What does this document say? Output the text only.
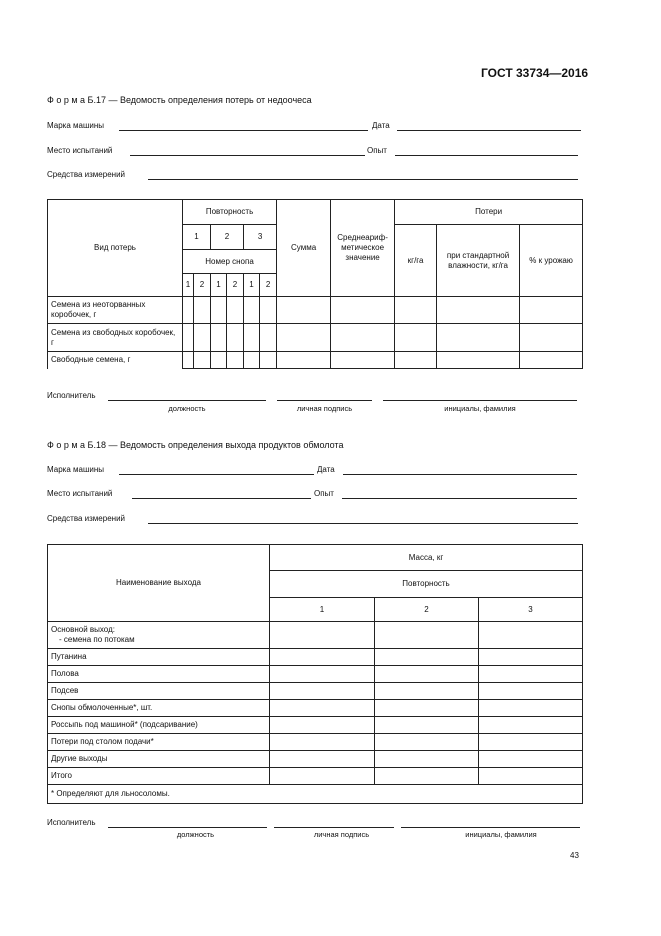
ГОСТ 33734—2016
Ф о р м а Б.17 — Ведомость определения потерь от недоочеса
Марка машины	Дата
Место испытаний	Опыт
Средства измерений
Вид потерь	Повторность						Сумма	Среднеариф-метическое значение	Потери		
	1		2		3				кг/га	при стандартной влажности, кг/га	% к урожаю
	Номер снопа										
	1	2	1	2	1	2					
Семена из неоторванных коробочек, г											
Семена из свободных коробочек, г											
Свободные семена, г											
Исполнитель
должность	личная подпись	инициалы, фамилия
Ф о р м а Б.18 — Ведомость определения выхода продуктов обмолота
Марка машины	Дата
Место испытаний	Опыт
Средства измерений
Наименование выхода	Масса, кг		
	Повторность		
	1	2	3

Основной выход:
- семена по потокам			

Путанина			
Полова			
Подсев			
Снопы обмолоченные*, шт.			
Россыпь под машиной* (подсаривание)			
Потери под столом подачи*			
Другие выходы			
Итого			
* Определяют для льносоломы.			
Исполнитель
должность	личная подпись	инициалы, фамилия
43
